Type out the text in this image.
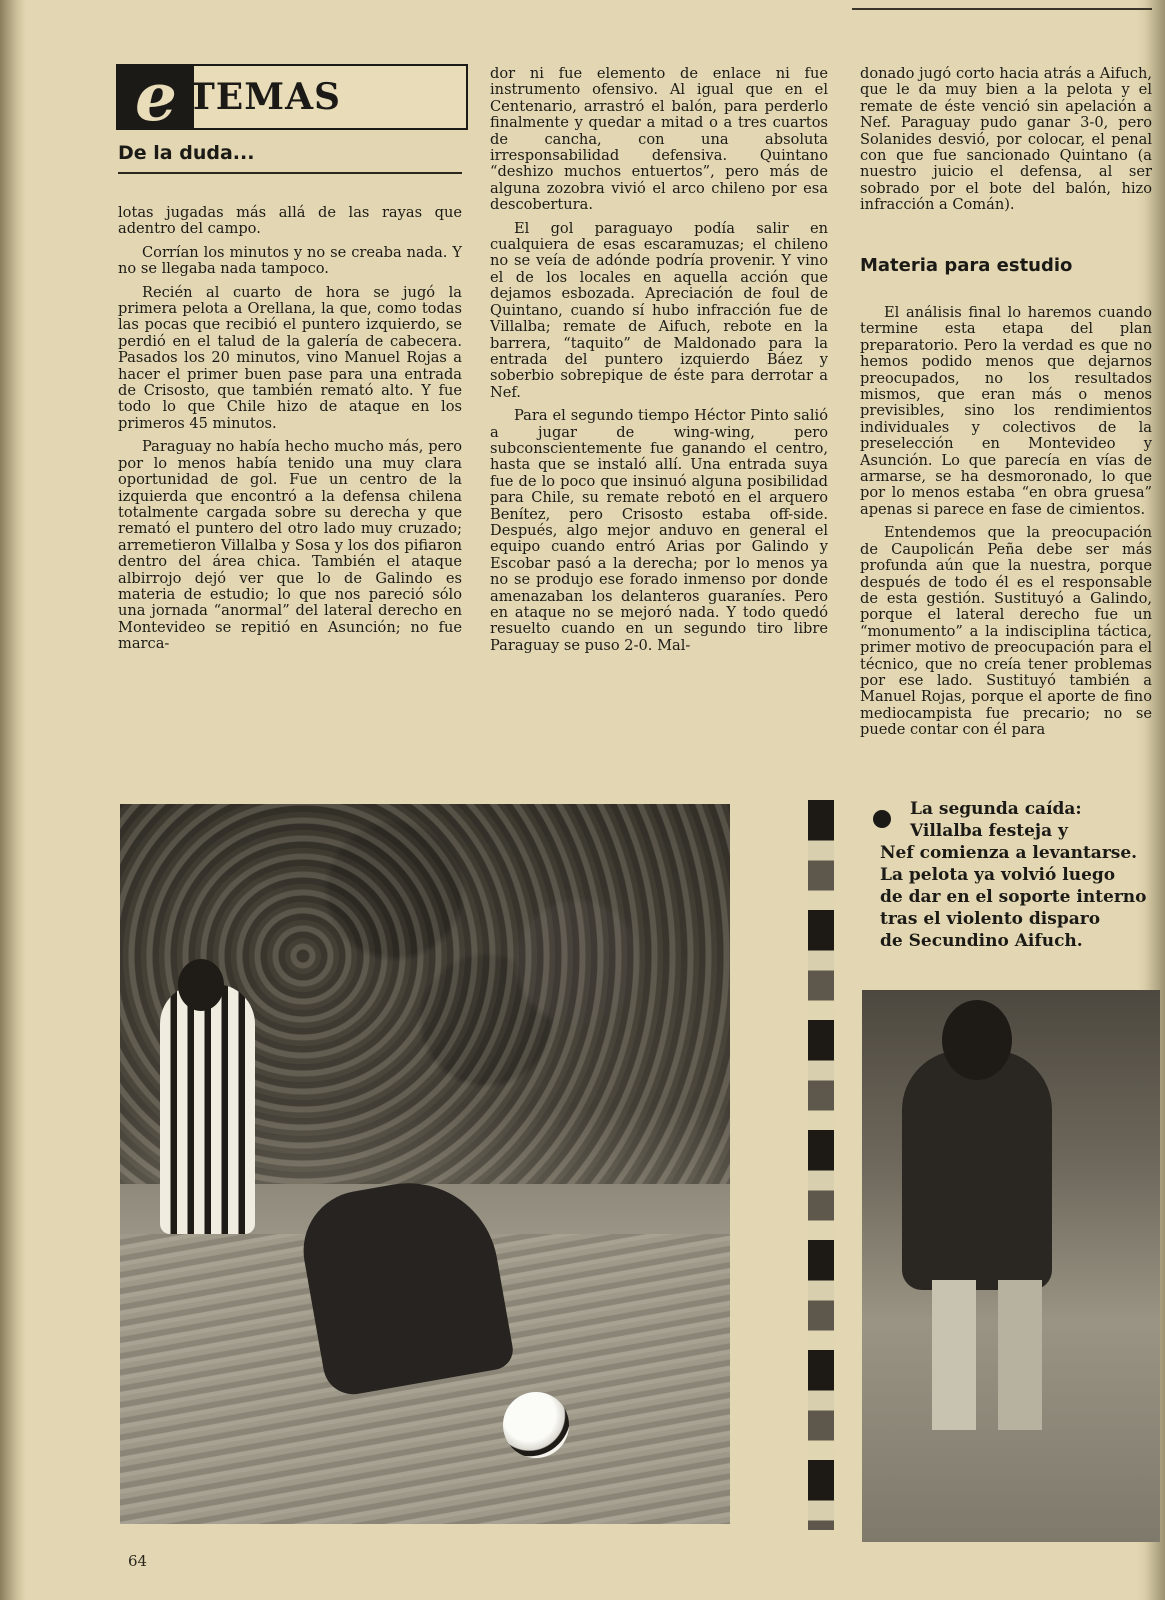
e TEMAS
De la duda...

lotas jugadas más allá de las rayas que adentro del campo.

Corrían los minutos y no se creaba nada. Y no se llegaba nada tampoco.

Recién al cuarto de hora se jugó la primera pelota a Orellana, la que, como todas las pocas que recibió el puntero izquierdo, se perdió en el talud de la galería de cabecera. Pasados los 20 minutos, vino Manuel Rojas a hacer el primer buen pase para una entrada de Crisosto, que también rematό alto. Y fue todo lo que Chile hizo de ataque en los primeros 45 minutos.

Paraguay no había hecho mucho más, pero por lo menos había tenido una muy clara oportunidad de gol. Fue un centro de la izquierda que encontró a la defensa chilena totalmente cargada sobre su derecha y que remató el puntero del otro lado muy cruzado; arremetieron Villalba y Sosa y los dos pifiaron dentro del área chica. También el ataque albirrojo dejó ver que lo de Galindo es materia de estudio; lo que nos pareció sólo una jornada “anormal” del lateral derecho en Montevideo se repitió en Asunción; no fue marca-

dor ni fue elemento de enlace ni fue instrumento ofensivo. Al igual que en el Centenario, arrastró el balón, para perderlo finalmente y quedar a mitad o a tres cuartos de cancha, con una absoluta irresponsabilidad defensiva. Quintano “deshizo muchos entuertos”, pero más de alguna zozobra vivió el arco chileno por esa descobertura.

El gol paraguayo podía salir en cualquiera de esas escaramuzas; el chileno no se veía de adónde podría provenir. Y vino el de los locales en aquella acción que dejamos esbozada. Apreciación de foul de Quintano, cuando sí hubo infracción fue de Villalba; remate de Aifuch, rebote en la barrera, “taquito” de Maldonado para la entrada del puntero izquierdo Báez y soberbio sobrepique de éste para derrotar a Nef.

Para el segundo tiempo Héctor Pinto salió a jugar de wing-wing, pero subconscientemente fue ganando el centro, hasta que se instaló allí. Una entrada suya fue de lo poco que insinuó alguna posibilidad para Chile, su remate rebotó en el arquero Benítez, pero Crisosto estaba off-side. Después, algo mejor anduvo en general el equipo cuando entró Arias por Galindo y Escobar pasó a la derecha; por lo menos ya no se produjo ese forado inmenso por donde amenazaban los delanteros guaraníes. Pero en ataque no se mejoró nada. Y todo quedó resuelto cuando en un segundo tiro libre Paraguay se puso 2-0. Mal-

donado jugó corto hacia atrás a Aifuch, que le da muy bien a la pelota y el remate de éste venció sin apelación a Nef. Paraguay pudo ganar 3-0, pero Solanides desvió, por colocar, el penal con que fue sancionado Quintano (a nuestro juicio el defensa, al ser sobrado por el bote del balón, hizo infracción a Comán).

Materia para estudio

El análisis final lo haremos cuando termine esta etapa del plan preparatorio. Pero la verdad es que no hemos podido menos que dejarnos preocupados, no los resultados mismos, que eran más o menos previsibles, sino los rendimientos individuales y colectivos de la preselección en Montevideo y Asunción. Lo que parecía en vías de armarse, se ha desmoronado, lo que por lo menos estaba “en obra gruesa” apenas si parece en fase de cimientos.

Entendemos que la preocupación de Caupolicán Peña debe ser más profunda aún que la nuestra, porque después de todo él es el responsable de esta gestión. Sustituyó a Galindo, porque el lateral derecho fue un “monumento” a la indisciplina táctica, primer motivo de preocupación para el técnico, que no creía tener problemas por ese lado. Sustituyó también a Manuel Rojas, porque el aporte de fino mediocampista fue precario; no se puede contar con él para

La segunda caída:
Villalba festeja y
Nef comienza a levantarse.
La pelota ya volvió luego
de dar en el soporte interno
tras el violento disparo
de Secundino Aifuch.
64
